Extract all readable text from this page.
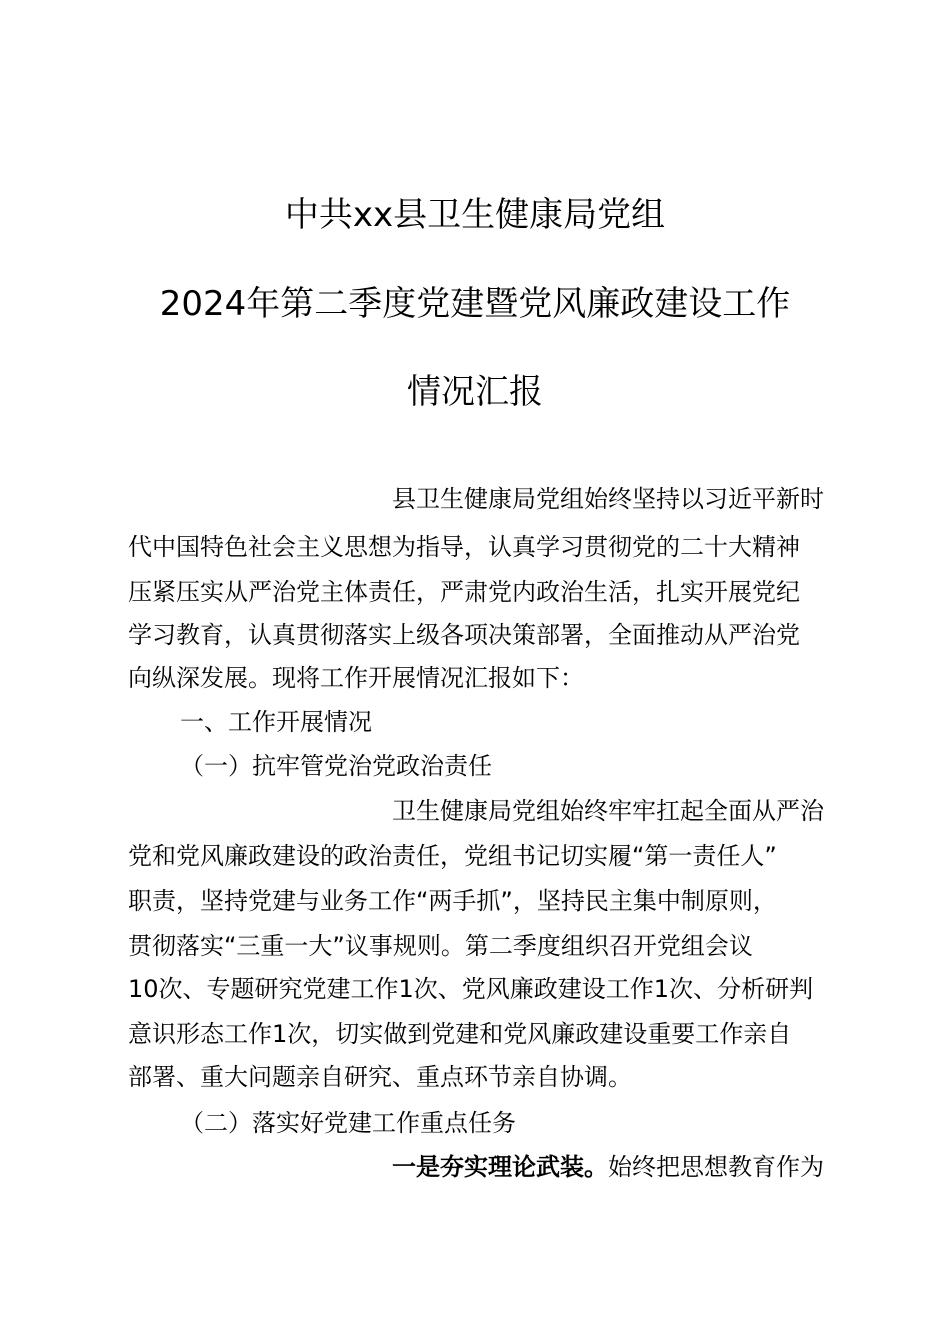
中共xx县卫生健康局党组
2024年第二季度党建暨党风廉政建设工作
情况汇报
县卫生健康局党组始终坚持以习近平新时
代中国特色社会主义思想为指导，认真学习贯彻党的二十大精神
压紧压实从严治党主体责任，严肃党内政治生活，扎实开展党纪
学习教育，认真贯彻落实上级各项决策部署，全面推动从严治党
向纵深发展。现将工作开展情况汇报如下：
一、工作开展情况
（一）抗牢管党治党政治责任
卫生健康局党组始终牢牢扛起全面从严治
党和党风廉政建设的政治责任，党组书记切实履“第一责任人”
职责，坚持党建与业务工作“两手抓”，坚持民主集中制原则，
贯彻落实“三重一大”议事规则。第二季度组织召开党组会议
10次、专题研究党建工作1次、党风廉政建设工作1次、分析研判
意识形态工作1次，切实做到党建和党风廉政建设重要工作亲自
部署、重大问题亲自研究、重点环节亲自协调。
（二）落实好党建工作重点任务
一是夯实理论武装。始终把思想教育作为
